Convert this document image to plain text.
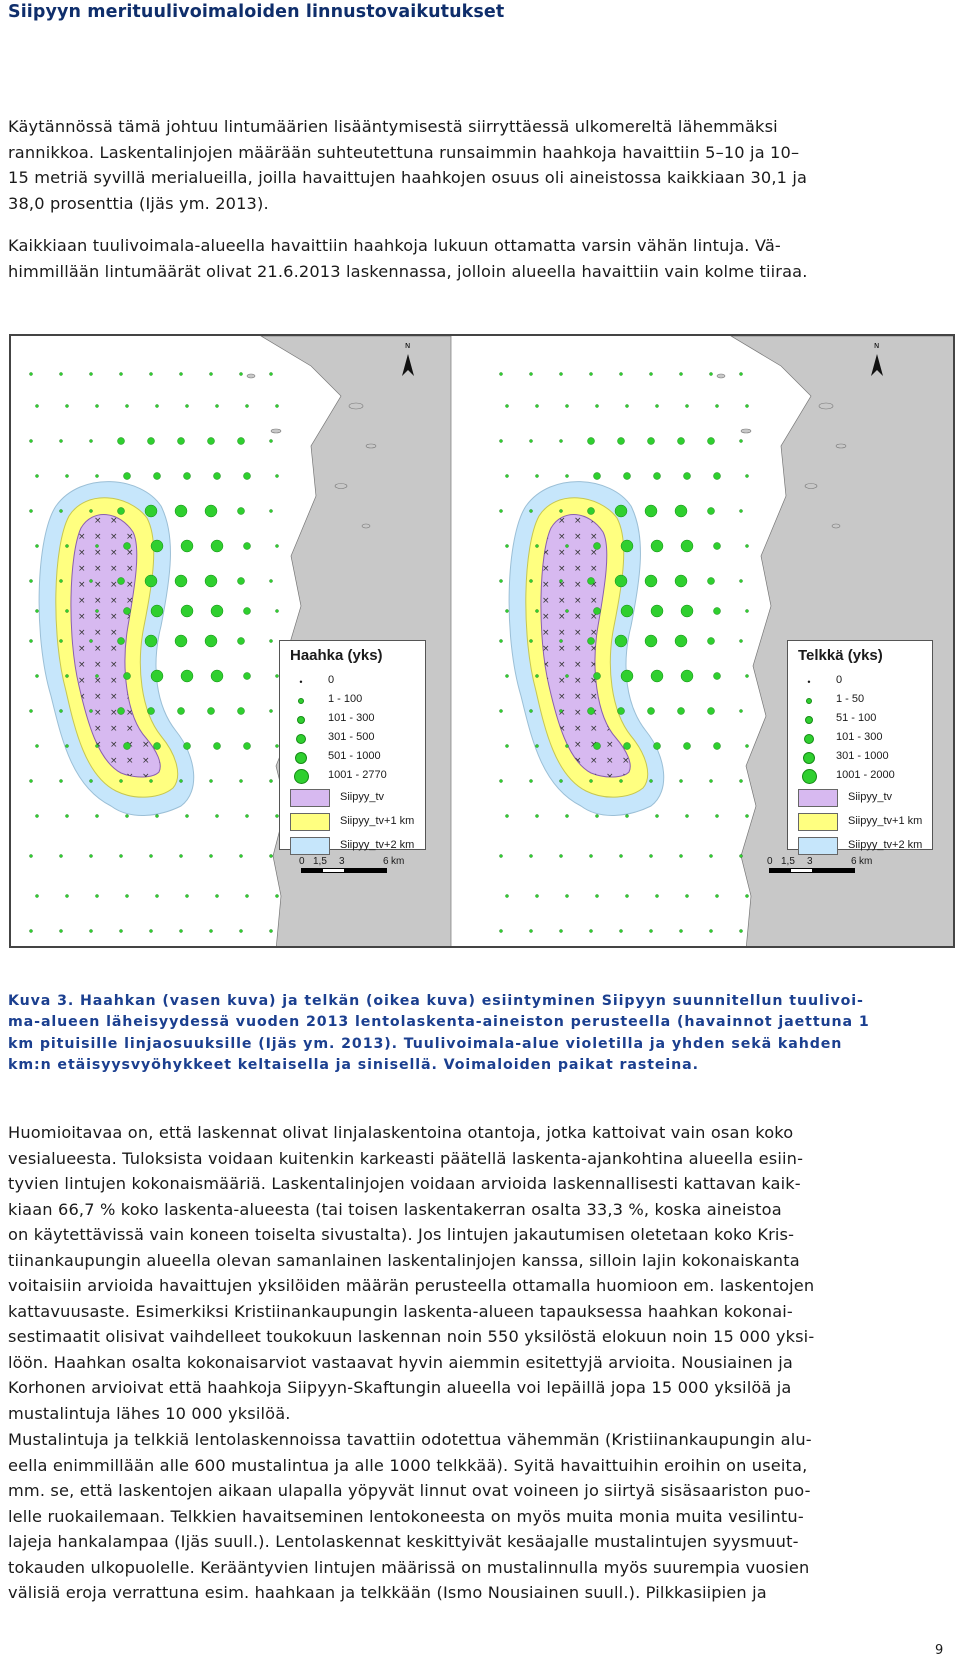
Siipyyn merituulivoimaloiden linnustovaikutukset
Käytännössä tämä johtuu lintumäärien lisääntymisestä siirryttäessä ulkomereltä lähemmäksi
rannikkoa. Laskentalinjojen määrään suhteutettuna runsaimmin haahkoja havaittiin 5–10 ja 10–
15 metriä syvillä merialueilla, joilla havaittujen haahkojen osuus oli aineistossa kaikkiaan 30,1 ja
38,0 prosenttia (Ijäs ym. 2013).
Kaikkiaan tuulivoimala-alueella havaittiin haahkoja lukuun ottamatta varsin vähän lintuja. Vä-
himmillään lintumäärät olivat 21.6.2013 laskennassa, jolloin alueella havaittiin vain kolme tiiraa.
N	N
Haahka (yks)
• 0
1 - 100
101 - 300
301 - 500
501 - 1000
1001 - 2770
Siipyy_tv
Siipyy_tv+1 km
Siipyy_tv+2 km
Telkkä (yks)
• 0
1 - 50
51 - 100
101 - 300
301 - 1000
1001 - 2000
Siipyy_tv
Siipyy_tv+1 km
Siipyy_tv+2 km
0 1,5 3	6 km	0 1,5 3	6 km
Kuva 3. Haahkan (vasen kuva) ja telkän (oikea kuva) esiintyminen Siipyyn suunnitellun tuulivoi-
ma-alueen läheisyydessä vuoden 2013 lentolaskenta-aineiston perusteella (havainnot jaettuna 1
km pituisille linjaosuuksille (Ijäs ym. 2013). Tuulivoimala-alue violetilla ja yhden sekä kahden
km:n etäisyysvyöhykkeet keltaisella ja sinisellä. Voimaloiden paikat rasteina.
Huomioitavaa on, että laskennat olivat linjalaskentoina otantoja, jotka kattoivat vain osan koko
vesialueesta. Tuloksista voidaan kuitenkin karkeasti päätellä laskenta-ajankohtina alueella esiin-
tyvien lintujen kokonaismääriä. Laskentalinjojen voidaan arvioida laskennallisesti kattavan kaik-
kiaan 66,7 % koko laskenta-alueesta (tai toisen laskentakerran osalta 33,3 %, koska aineistoa
on käytettävissä vain koneen toiselta sivustalta). Jos lintujen jakautumisen oletetaan koko Kris-
tiinankaupungin alueella olevan samanlainen laskentalinjojen kanssa, silloin lajin kokonaiskanta
voitaisiin arvioida havaittujen yksilöiden määrän perusteella ottamalla huomioon em. laskentojen
kattavuusaste. Esimerkiksi Kristiinankaupungin laskenta-alueen tapauksessa haahkan kokonai-
sestimaatit olisivat vaihdelleet toukokuun laskennan noin 550 yksilöstä elokuun noin 15 000 yksi-
löön. Haahkan osalta kokonaisarviot vastaavat hyvin aiemmin esitettyjä arvioita. Nousiainen ja
Korhonen arvioivat että haahkoja Siipyyn-Skaftungin alueella voi lepäillä jopa 15 000 yksilöä ja
mustalintuja lähes 10 000 yksilöä.
Mustalintuja ja telkkiä lentolaskennoissa tavattiin odotettua vähemmän (Kristiinankaupungin alu-
eella enimmillään alle 600 mustalintua ja alle 1000 telkkää). Syitä havaittuihin eroihin on useita,
mm. se, että laskentojen aikaan ulapalla yöpyvät linnut ovat voineen jo siirtyä sisäsaariston puo-
lelle ruokailemaan. Telkkien havaitseminen lentokoneesta on myös muita monia muita vesilintu-
lajeja hankalampaa (Ijäs suull.). Lentolaskennat keskittyivät kesäajalle mustalintujen syysmuut-
tokauden ulkopuolelle. Kerääntyvien lintujen määrissä on mustalinnulla myös suurempia vuosien
välisiä eroja verrattuna esim. haahkaan ja telkkään (Ismo Nousiainen suull.). Pilkkasiipien ja
9
